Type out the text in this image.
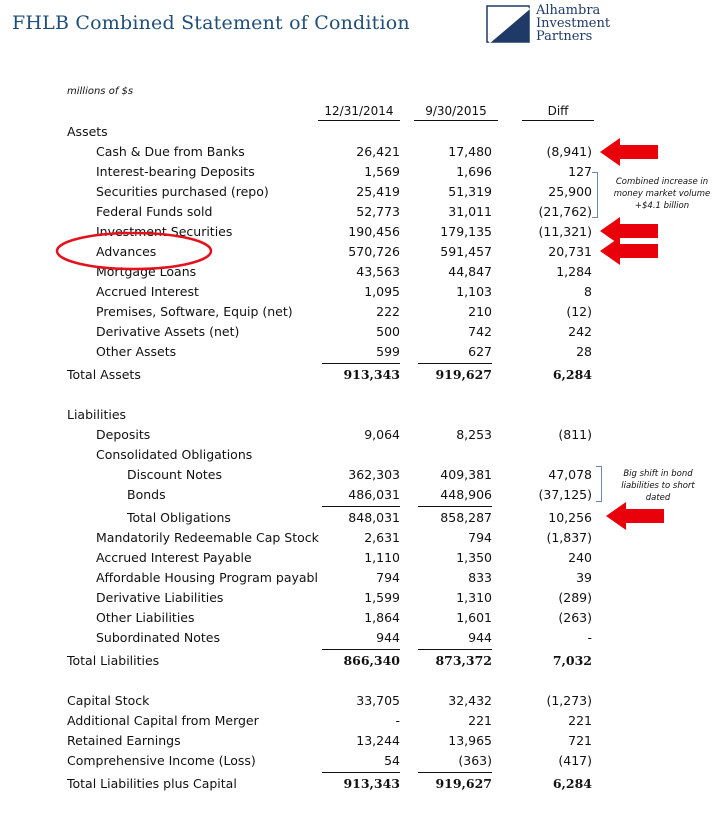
FHLB Combined Statement of Condition
Alhambra
Investment
Partners
millions of $s
12/31/2014	9/30/2015	Diff
Assets
Cash & Due from Banks	26,421	17,480	(8,941)
Interest-bearing Deposits	1,569	1,696	127
Securities purchased (repo)	25,419	51,319	25,900
Federal Funds sold	52,773	31,011	(21,762)
Investment Securities	190,456	179,135	(11,321)
Advances	570,726	591,457	20,731
Mortgage Loans	43,563	44,847	1,284
Accrued Interest	1,095	1,103	8
Premises, Software, Equip (net)	222	210	(12)
Derivative Assets (net)	500	742	242
Other Assets	599	627	28
Total Assets	913,343	919,627	6,284
Liabilities
Deposits	9,064	8,253	(811)
Consolidated Obligations
Discount Notes	362,303	409,381	47,078
Bonds	486,031	448,906	(37,125)
Total Obligations	848,031	858,287	10,256
Mandatorily Redeemable Cap Stock	2,631	794	(1,837)
Accrued Interest Payable	1,110	1,350	240
Affordable Housing Program payabl	794	833	39
Derivative Liabilities	1,599	1,310	(289)
Other Liabilities	1,864	1,601	(263)
Subordinated Notes	944	944	-
Total Liabilities	866,340	873,372	7,032
Capital Stock	33,705	32,432	(1,273)
Additional Capital from Merger	-	221	221
Retained Earnings	13,244	13,965	721
Comprehensive Income (Loss)	54	(363)	(417)
Total Liabilities plus Capital	913,343	919,627	6,284
Combined increase in
money market volume
+$4.1 billion
Big shift in bond
liabilities to short
dated
